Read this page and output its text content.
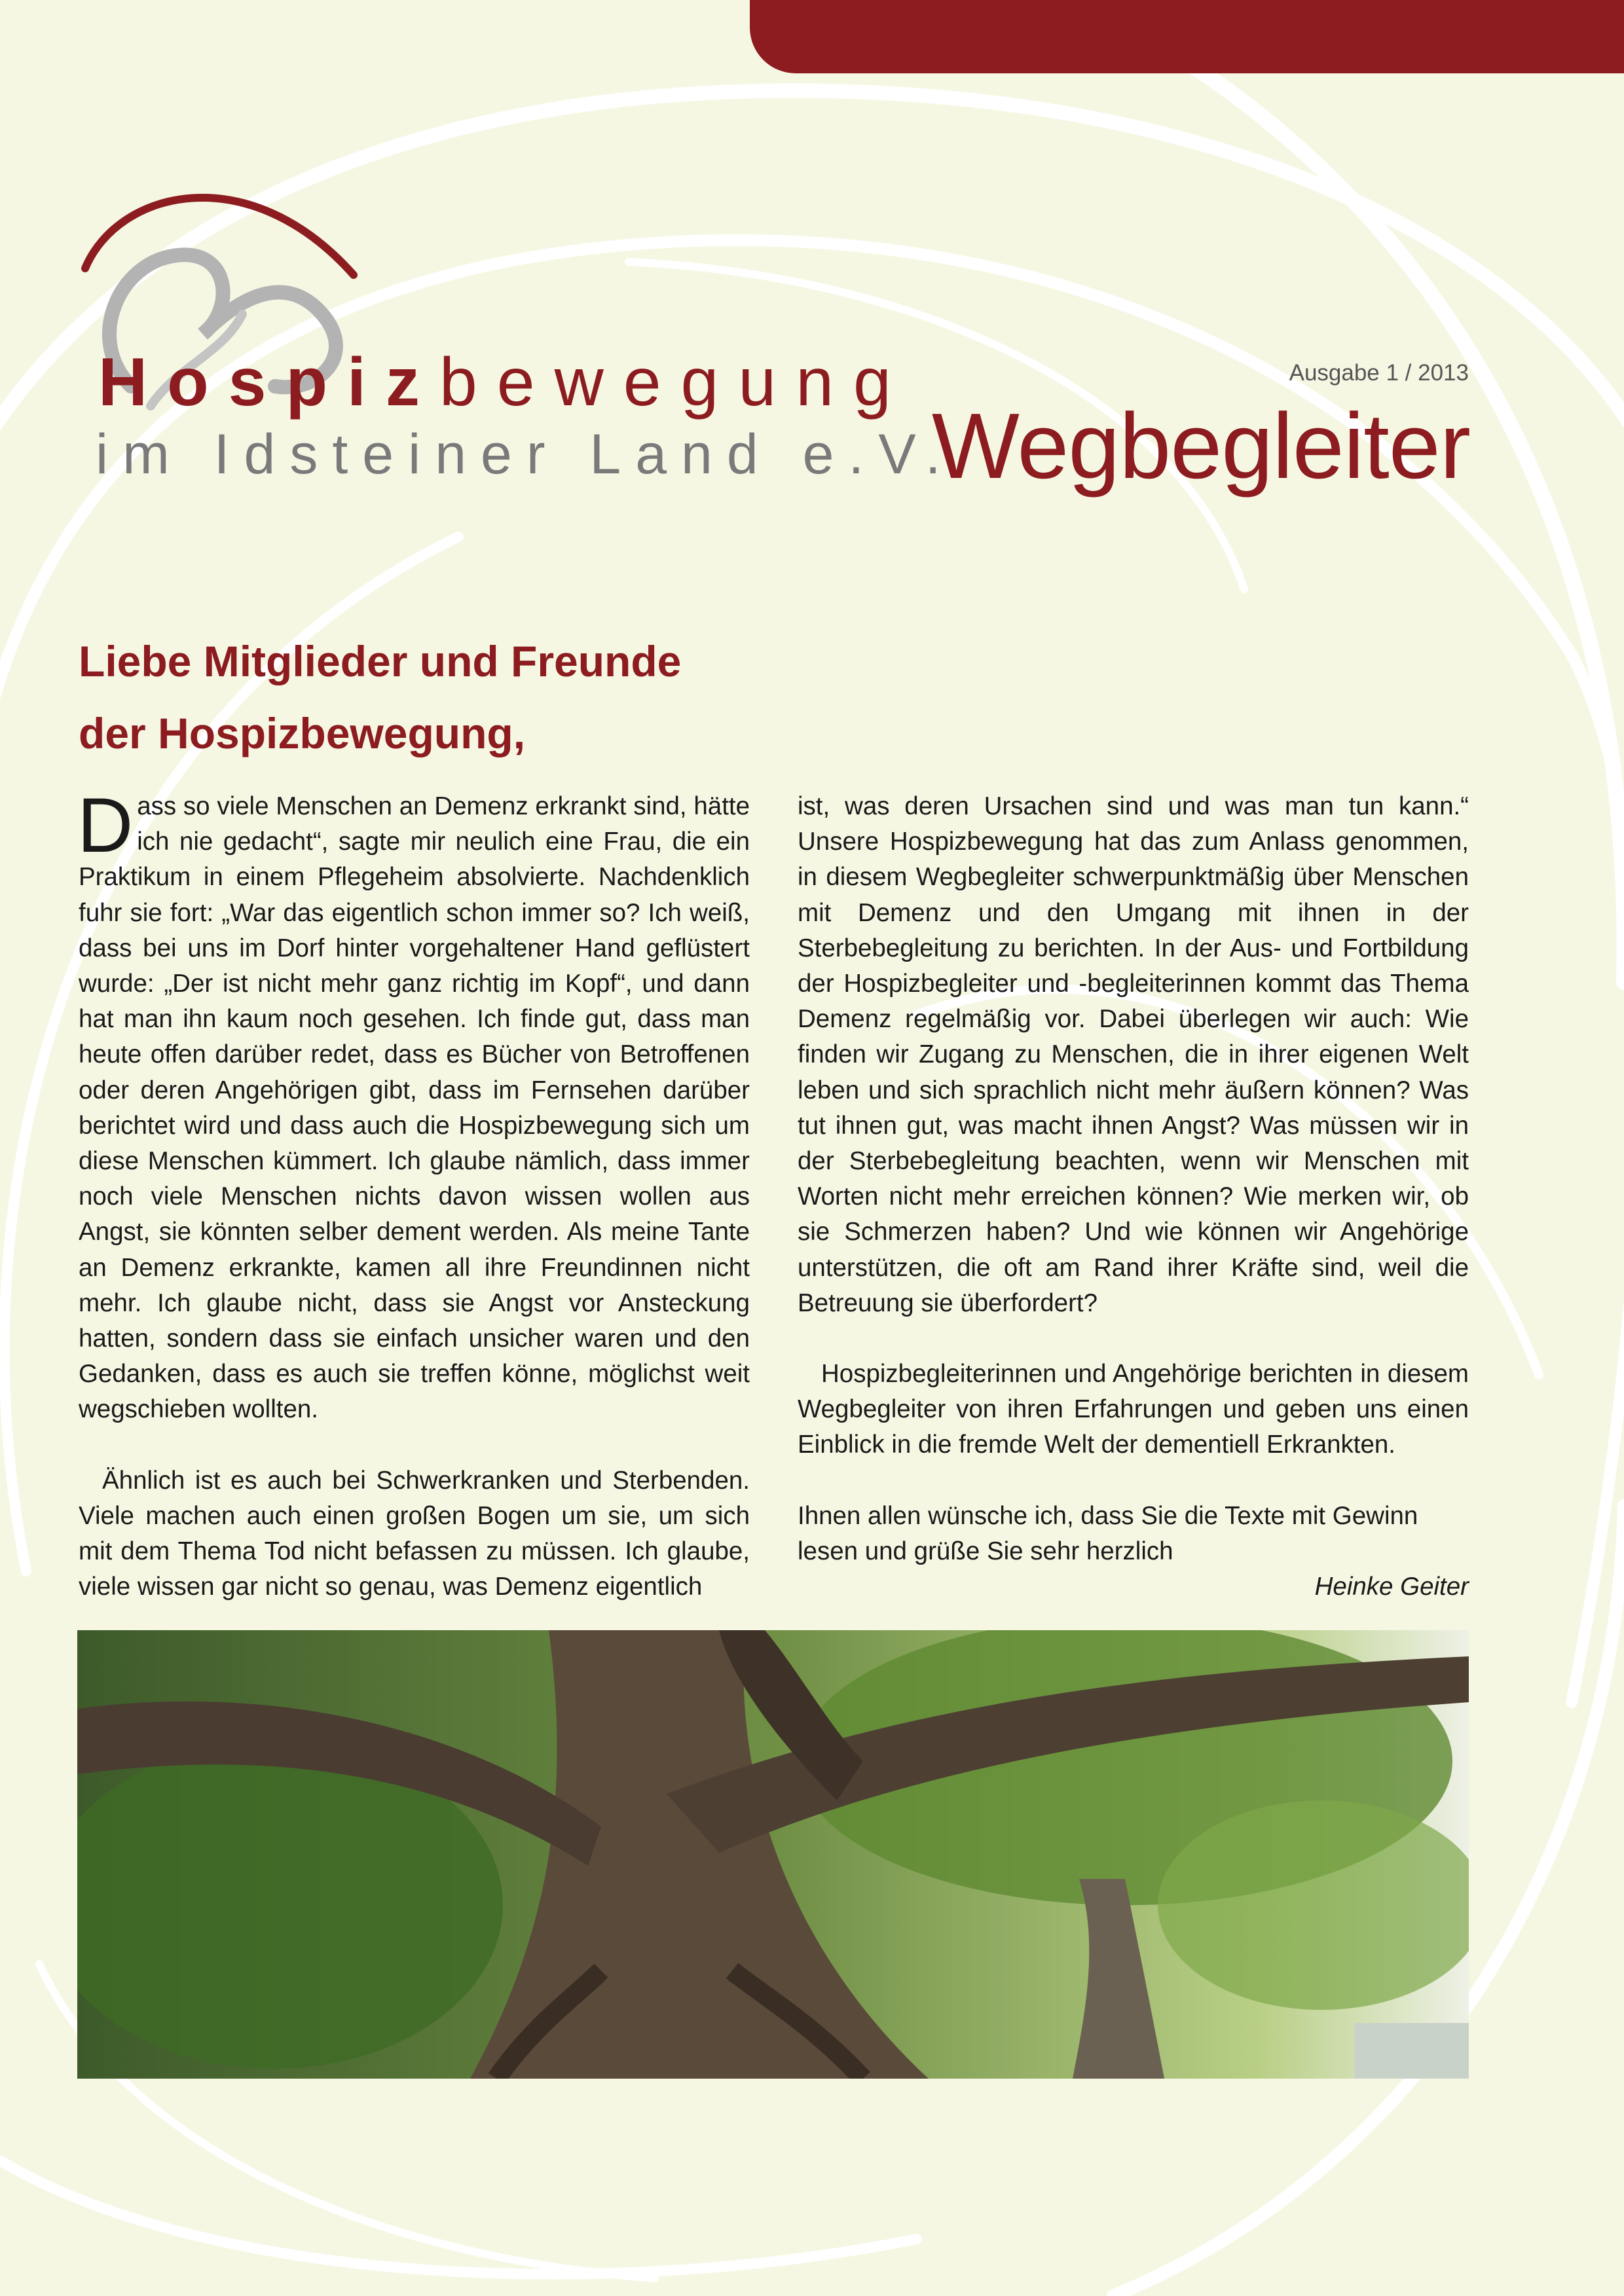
Hospizbewegung
im Idsteiner Land e.V.
Ausgabe 1 / 2013
Wegbegleiter
Liebe Mitglieder und Freunde
der Hospizbewegung,

Dass so viele Menschen an Demenz erkrankt sind, hätte ich nie gedacht“, sagte mir neulich eine Frau, die ein Praktikum in einem Pflegeheim absolvierte. Nachdenklich fuhr sie fort: „War das eigentlich schon immer so? Ich weiß, dass bei uns im Dorf hinter vorgehaltener Hand geflüstert wurde: „Der ist nicht mehr ganz richtig im Kopf“, und dann hat man ihn kaum noch gesehen. Ich finde gut, dass man heute offen darüber redet, dass es Bücher von Betroffenen oder deren Angehörigen gibt, dass im Fernsehen darüber berichtet wird und dass auch die Hospizbewegung sich um diese Menschen kümmert. Ich glaube nämlich, dass immer noch viele Menschen nichts davon wissen wollen aus Angst, sie könnten selber dement werden. Als meine Tante an Demenz erkrankte, kamen all ihre Freundinnen nicht mehr. Ich glaube nicht, dass sie Angst vor Ansteckung hatten, sondern dass sie einfach unsicher waren und den Gedanken, dass es auch sie treffen könne, möglichst weit wegschieben wollten.

Ähnlich ist es auch bei Schwerkranken und Sterbenden. Viele machen auch einen großen Bogen um sie, um sich mit dem Thema Tod nicht befassen zu müssen. Ich glaube, viele wissen gar nicht so genau, was Demenz eigentlich

ist, was deren Ursachen sind und was man tun kann.“ Unsere Hospizbewegung hat das zum Anlass genommen, in diesem Wegbegleiter schwerpunktmäßig über Menschen mit Demenz und den Umgang mit ihnen in der Sterbebegleitung zu berichten. In der Aus- und Fortbildung der Hospizbegleiter und -begleiterinnen kommt das Thema Demenz regelmäßig vor. Dabei überlegen wir auch: Wie finden wir Zugang zu Menschen, die in ihrer eigenen Welt leben und sich sprachlich nicht mehr äußern können? Was tut ihnen gut, was macht ihnen Angst? Was müssen wir in der Sterbebegleitung beachten, wenn wir Menschen mit Worten nicht mehr erreichen können? Wie merken wir, ob sie Schmerzen haben? Und wie können wir Angehörige unterstützen, die oft am Rand ihrer Kräfte sind, weil die Betreuung sie überfordert?

Hospizbegleiterinnen und Angehörige berichten in diesem Wegbegleiter von ihren Erfahrungen und geben uns einen Einblick in die fremde Welt der dementiell Erkrankten.

Ihnen allen wünsche ich, dass Sie die Texte mit Gewinn lesen und grüße Sie sehr herzlich

Heinke Geiter
